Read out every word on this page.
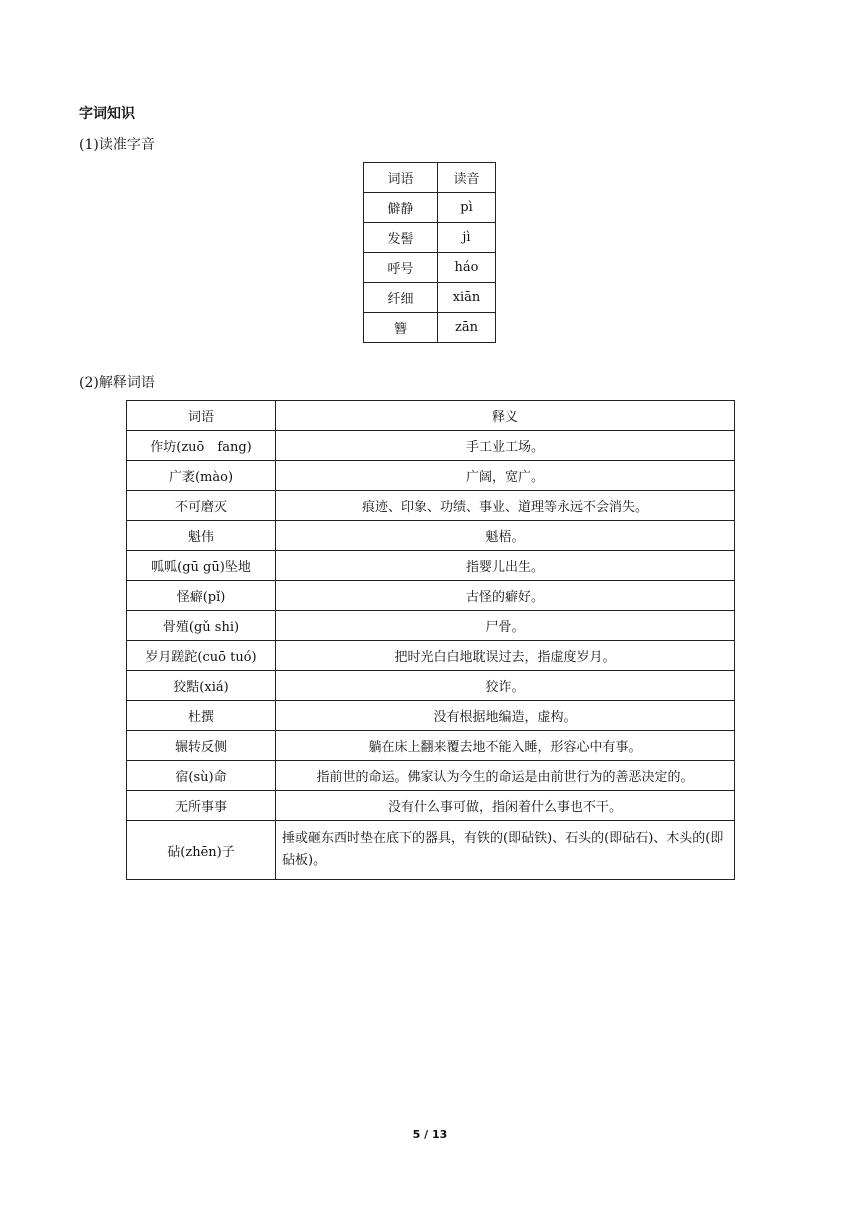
字词知识
(1)读准字音
词语	读音
僻静	pì
发髻	jì
呼号	háo
纤细	xiān
簪	zān
(2)解释词语
词语	释义
作坊(zuō　fang)	手工业工场。
广袤(mào)	广阔，宽广。
不可磨灭	痕迹、印象、功绩、事业、道理等永远不会消失。
魁伟	魁梧。
呱呱(gū gū)坠地	指婴儿出生。
怪癖(pǐ)	古怪的癖好。
骨殖(gǔ shi)	尸骨。
岁月蹉跎(cuō tuó)	把时光白白地耽误过去，指虚度岁月。
狡黠(xiá)	狡诈。
杜撰	没有根据地编造，虚构。
辗转反侧	躺在床上翻来覆去地不能入睡，形容心中有事。
宿(sù)命	指前世的命运。佛家认为今生的命运是由前世行为的善恶决定的。
无所事事	没有什么事可做，指闲着什么事也不干。
砧(zhēn)子	捶或砸东西时垫在底下的器具，有铁的(即砧铁)、石头的(即砧石)、木头的(即砧板)。
5 / 13
